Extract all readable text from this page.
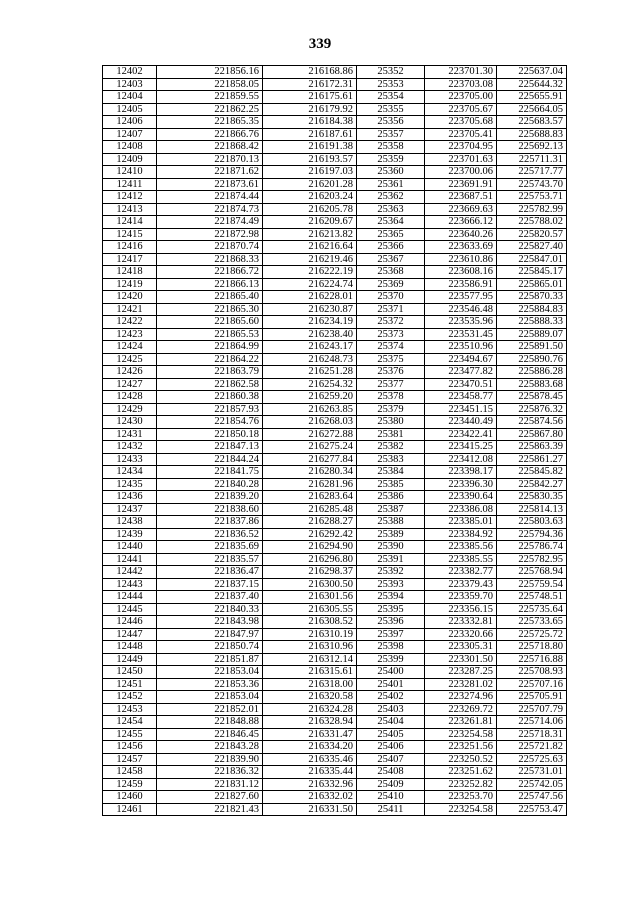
339
12402	221856.16	216168.86	25352	223701.30	225637.04
12403	221858.05	216172.31	25353	223703.08	225644.32
12404	221859.55	216175.61	25354	223705.00	225655.91
12405	221862.25	216179.92	25355	223705.67	225664.05
12406	221865.35	216184.38	25356	223705.68	225683.57
12407	221866.76	216187.61	25357	223705.41	225688.83
12408	221868.42	216191.38	25358	223704.95	225692.13
12409	221870.13	216193.57	25359	223701.63	225711.31
12410	221871.62	216197.03	25360	223700.06	225717.77
12411	221873.61	216201.28	25361	223691.91	225743.70
12412	221874.44	216203.24	25362	223687.51	225753.71
12413	221874.73	216205.78	25363	223669.63	225782.99
12414	221874.49	216209.67	25364	223666.12	225788.02
12415	221872.98	216213.82	25365	223640.26	225820.57
12416	221870.74	216216.64	25366	223633.69	225827.40
12417	221868.33	216219.46	25367	223610.86	225847.01
12418	221866.72	216222.19	25368	223608.16	225845.17
12419	221866.13	216224.74	25369	223586.91	225865.01
12420	221865.40	216228.01	25370	223577.95	225870.33
12421	221865.30	216230.87	25371	223546.48	225884.83
12422	221865.60	216234.19	25372	223535.96	225888.33
12423	221865.53	216238.40	25373	223531.45	225889.07
12424	221864.99	216243.17	25374	223510.96	225891.50
12425	221864.22	216248.73	25375	223494.67	225890.76
12426	221863.79	216251.28	25376	223477.82	225886.28
12427	221862.58	216254.32	25377	223470.51	225883.68
12428	221860.38	216259.20	25378	223458.77	225878.45
12429	221857.93	216263.85	25379	223451.15	225876.32
12430	221854.76	216268.03	25380	223440.49	225874.56
12431	221850.18	216272.88	25381	223422.41	225867.80
12432	221847.13	216275.24	25382	223415.25	225863.39
12433	221844.24	216277.84	25383	223412.08	225861.27
12434	221841.75	216280.34	25384	223398.17	225845.82
12435	221840.28	216281.96	25385	223396.30	225842.27
12436	221839.20	216283.64	25386	223390.64	225830.35
12437	221838.60	216285.48	25387	223386.08	225814.13
12438	221837.86	216288.27	25388	223385.01	225803.63
12439	221836.52	216292.42	25389	223384.92	225794.36
12440	221835.69	216294.90	25390	223385.56	225786.74
12441	221835.57	216296.80	25391	223385.55	225782.95
12442	221836.47	216298.37	25392	223382.77	225768.94
12443	221837.15	216300.50	25393	223379.43	225759.54
12444	221837.40	216301.56	25394	223359.70	225748.51
12445	221840.33	216305.55	25395	223356.15	225735.64
12446	221843.98	216308.52	25396	223332.81	225733.65
12447	221847.97	216310.19	25397	223320.66	225725.72
12448	221850.74	216310.96	25398	223305.31	225718.80
12449	221851.87	216312.14	25399	223301.50	225716.88
12450	221853.04	216315.61	25400	223287.25	225708.93
12451	221853.36	216318.00	25401	223281.02	225707.16
12452	221853.04	216320.58	25402	223274.96	225705.91
12453	221852.01	216324.28	25403	223269.72	225707.79
12454	221848.88	216328.94	25404	223261.81	225714.06
12455	221846.45	216331.47	25405	223254.58	225718.31
12456	221843.28	216334.20	25406	223251.56	225721.82
12457	221839.90	216335.46	25407	223250.52	225725.63
12458	221836.32	216335.44	25408	223251.62	225731.01
12459	221831.12	216332.96	25409	223252.82	225742.05
12460	221827.60	216332.02	25410	223253.70	225747.56
12461	221821.43	216331.50	25411	223254.58	225753.47
